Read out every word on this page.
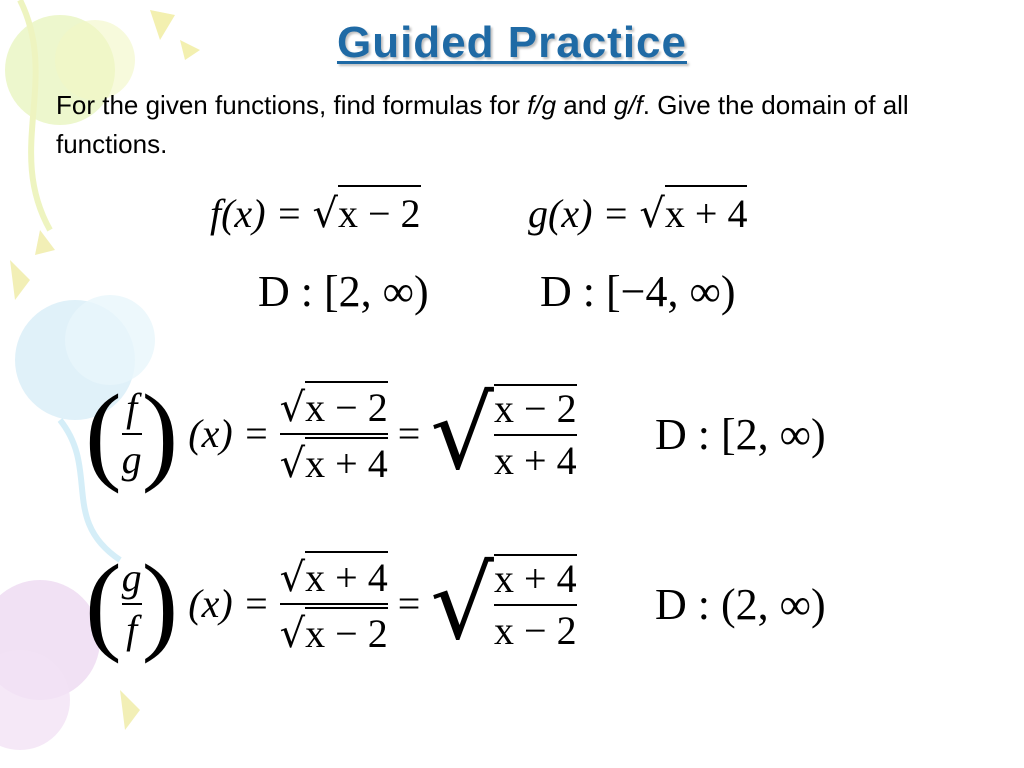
Guided Practice
For the given functions, find formulas for f/g and g/f. Give the domain of all functions.
f(x) = √x − 2	g(x) = √x + 4
D : [2, ∞)	D : [−4, ∞)
( $\frac{f}{g}$ ) $(x) = \frac{√x - 2}{√x + 4}$ = √ $\frac{x - 2}{x + 4}$ D : [2, ∞)
( $\frac{g}{f}$ ) $(x) = \frac{√x + 4}{√x - 2}$ = √ $\frac{x + 4}{x - 2}$ D : (2, ∞)
